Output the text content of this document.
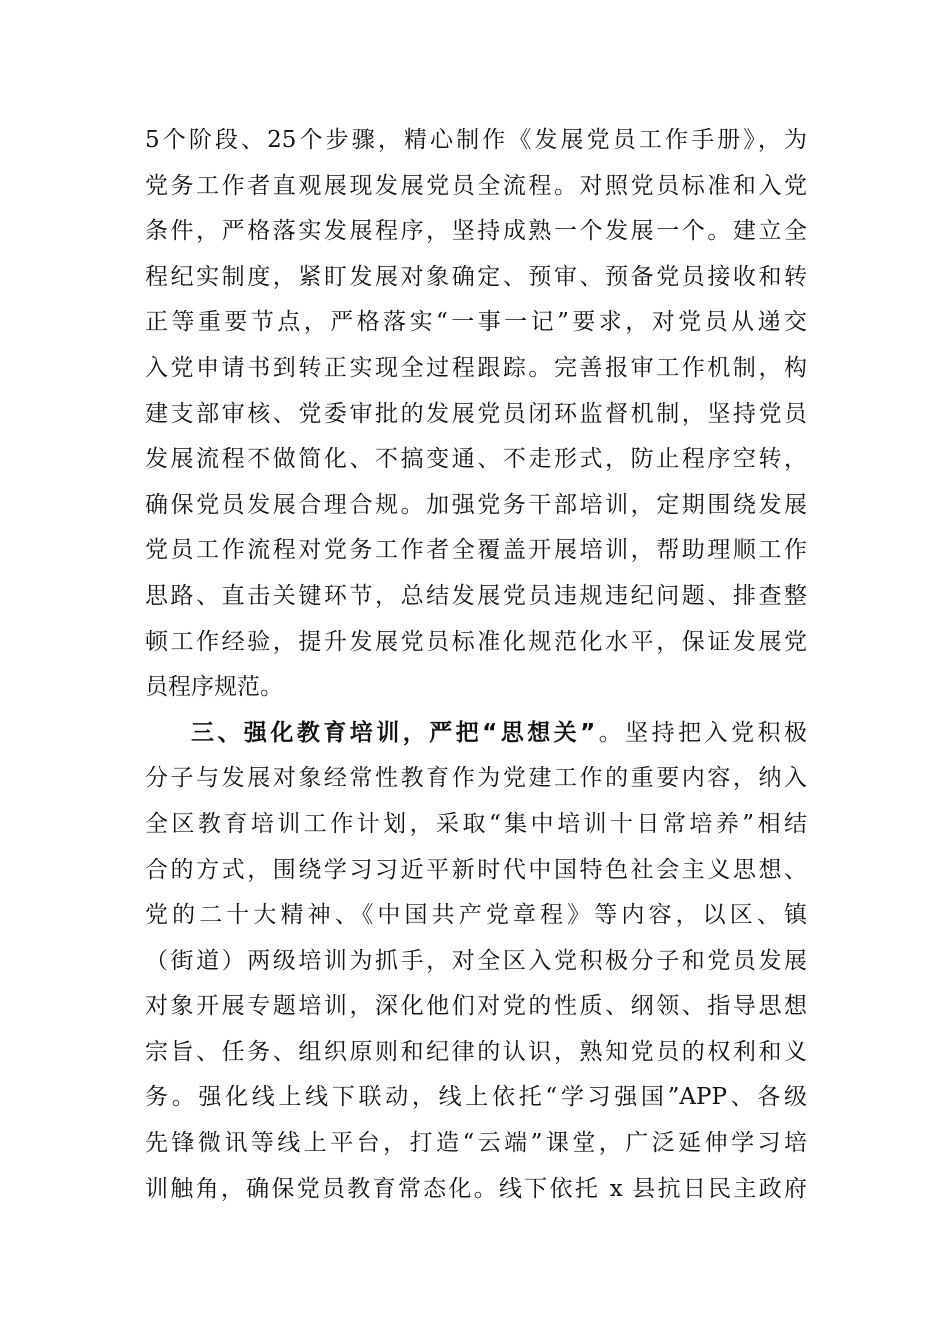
5个阶段、25个步骤，精心制作《发展党员工作手册》，为
党务工作者直观展现发展党员全流程。对照党员标准和入党
条件，严格落实发展程序，坚持成熟一个发展一个。建立全
程纪实制度，紧盯发展对象确定、预审、预备党员接收和转
正等重要节点，严格落实“一事一记”要求，对党员从递交
入党申请书到转正实现全过程跟踪。完善报审工作机制，构
建支部审核、党委审批的发展党员闭环监督机制，坚持党员
发展流程不做简化、不搞变通、不走形式，防止程序空转，
确保党员发展合理合规。加强党务干部培训，定期围绕发展
党员工作流程对党务工作者全覆盖开展培训，帮助理顺工作
思路、直击关键环节，总结发展党员违规违纪问题、排查整
顿工作经验，提升发展党员标准化规范化水平，保证发展党
员程序规范。
三、强化教育培训，严把“思想关”。坚持把入党积极
分子与发展对象经常性教育作为党建工作的重要内容，纳入
全区教育培训工作计划，采取“集中培训十日常培养”相结
合的方式，围绕学习习近平新时代中国特色社会主义思想、
党的二十大精神、《中国共产党章程》等内容，以区、镇
（街道）两级培训为抓手，对全区入党积极分子和党员发展
对象开展专题培训，深化他们对党的性质、纲领、指导思想
宗旨、任务、组织原则和纪律的认识，熟知党员的权利和义
务。强化线上线下联动，线上依托“学习强国”APP、各级
先锋微讯等线上平台，打造“云端”课堂，广泛延伸学习培
训触角，确保党员教育常态化。线下依托 x 县抗日民主政府
